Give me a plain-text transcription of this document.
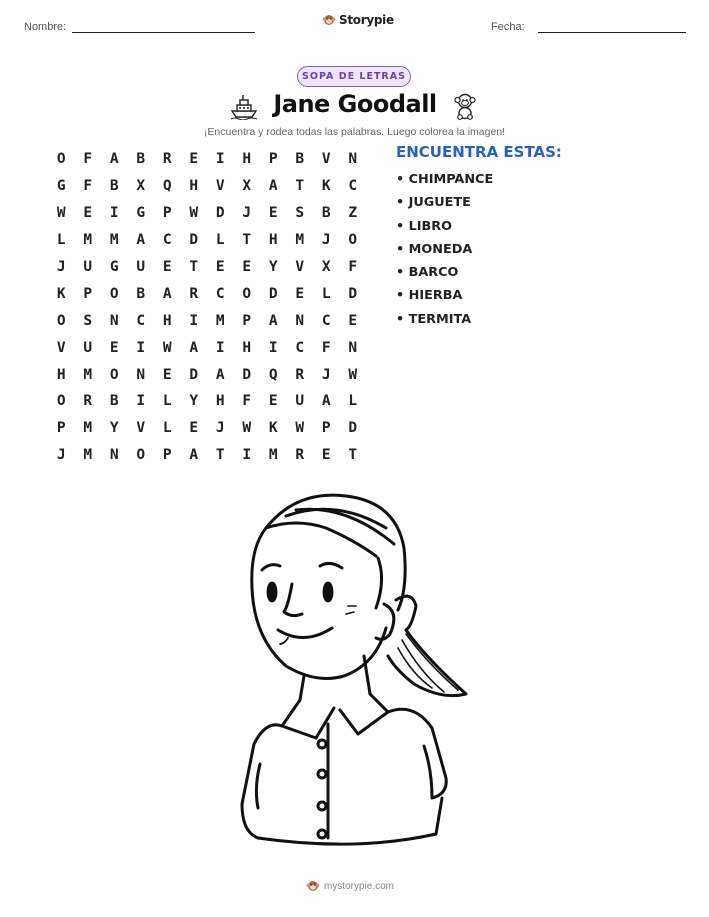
Nombre:	Storypie	Fecha:
SOPA DE LETRAS
Jane Goodall
¡Encuentra y rodea todas las palabras. Luego colorea la imagen!
O	F	A	B	R	E	I	H	P	B	V	N
G	F	B	X	Q	H	V	X	A	T	K	C
W	E	I	G	P	W	D	J	E	S	B	Z
L	M	M	A	C	D	L	T	H	M	J	O
J	U	G	U	E	T	E	E	Y	V	X	F
K	P	O	B	A	R	C	O	D	E	L	D
O	S	N	C	H	I	M	P	A	N	C	E
V	U	E	I	W	A	I	H	I	C	F	N
H	M	O	N	E	D	A	D	Q	R	J	W
O	R	B	I	L	Y	H	F	E	U	A	L
P	M	Y	V	L	E	J	W	K	W	P	D
J	M	N	O	P	A	T	I	M	R	E	T
ENCUENTRA ESTAS:
• CHIMPANCE
• JUGUETE
• LIBRO
• MONEDA
• BARCO
• HIERBA
• TERMITA
mystorypie.com
